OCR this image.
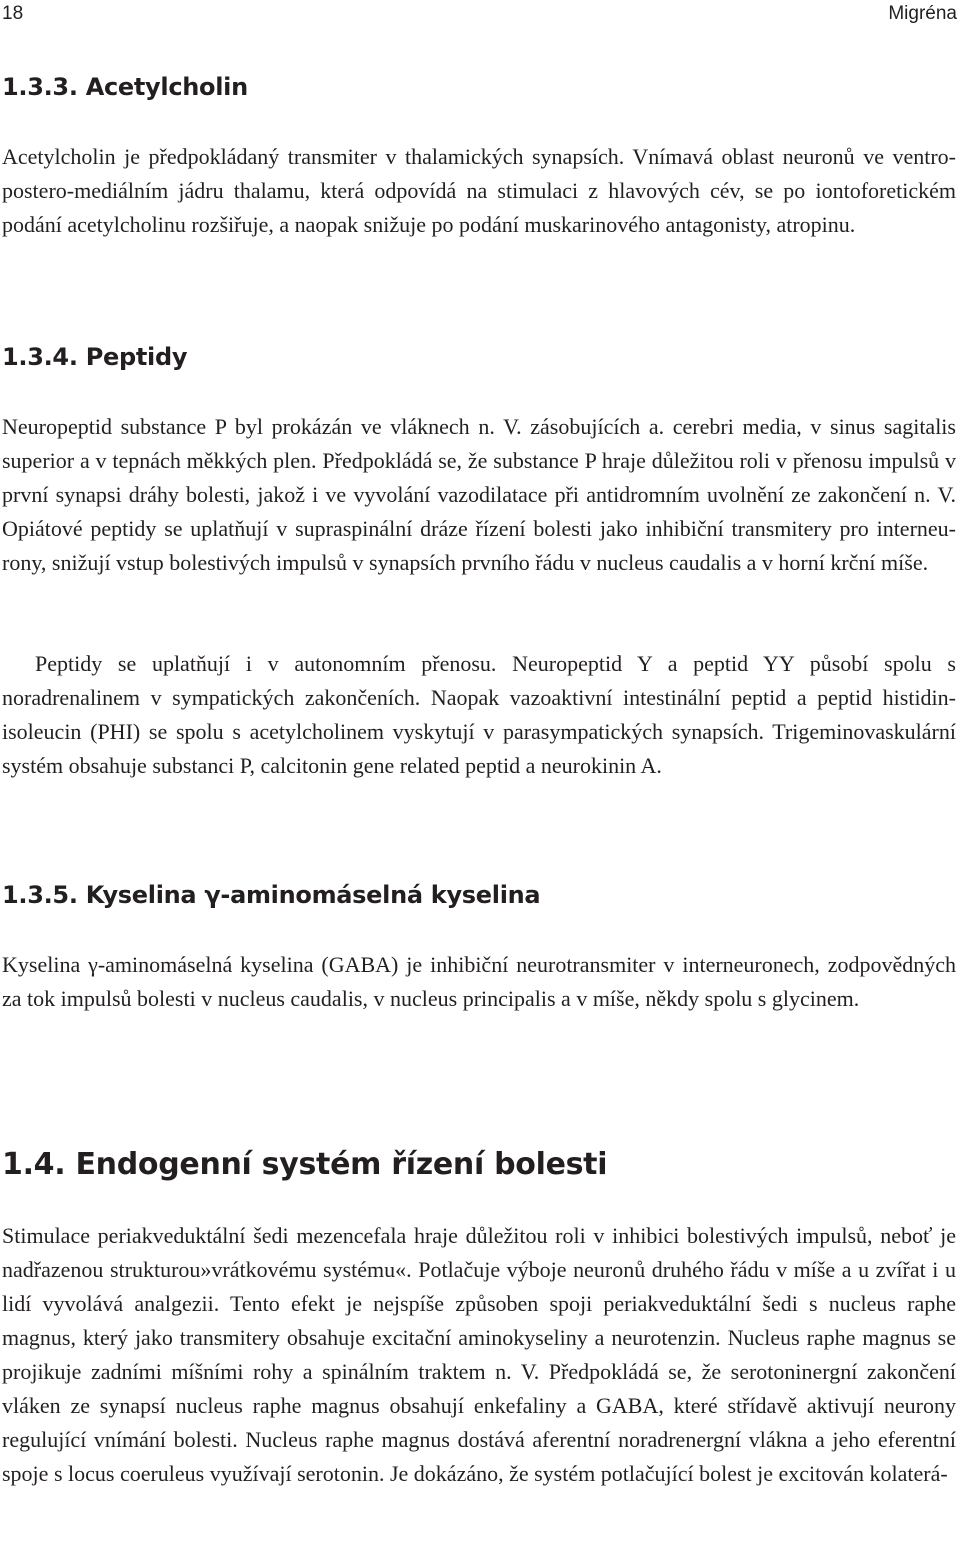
18	Migréna
1.3.3. Acetylcholin

Acetylcholin je předpokládaný transmiter v thalamických synapsích. Vnímavá oblast neuronů ve ventro-postero-mediálním jádru thalamu, která odpovídá na stimulaci z hlavových cév, se po iontoforetickém podání acetylcholinu rozšiřuje, a naopak snižuje po podání muskarinového antagonisty, atropinu.

1.3.4. Peptidy

Neuropeptid substance P byl prokázán ve vláknech n. V. zásobujících a. cerebri media, v sinus sagitalis superior a v tepnách měkkých plen. Předpokládá se, že substance P hraje důležitou roli v přenosu impulsů v první synapsi dráhy bolesti, jakož i ve vyvolání vazodilatace při antidromním uvolnění ze zakončení n. V. Opiátové peptidy se uplatňují v supraspinální dráze řízení bolesti jako inhibiční transmitery pro interneurony, snižují vstup bolestivých impulsů v synapsích prvního řádu v nucleus caudalis a v horní krční míše.

Peptidy se uplatňují i v autonomním přenosu. Neuropeptid Y a peptid YY působí spolu s noradrenalinem v sympatických zakončeních. Naopak vazoaktivní intestinální peptid a peptid histidin-isoleucin (PHI) se spolu s acetylcholinem vyskytují v parasympatických synapsích. Trigeminovaskulární systém obsahuje substanci P, calcitonin gene related peptid a neurokinin A.

1.3.5. Kyselina γ-aminomáselná kyselina

Kyselina γ-aminomáselná kyselina (GABA) je inhibiční neurotransmiter v interneuronech, zodpovědných za tok impulsů bolesti v nucleus caudalis, v nucleus principalis a v míše, někdy spolu s glycinem.

1.4. Endogenní systém řízení bolesti

Stimulace periakveduktální šedi mezencefala hraje důležitou roli v inhibici bolestivých impulsů, neboť je nadřazenou strukturou»vrátkovému systému«. Potlačuje výboje neuronů druhého řádu v míše a u zvířat i u lidí vyvolává analgezii. Tento efekt je nejspíše způsoben spoji periakveduktální šedi s nucleus raphe magnus, který jako transmitery obsahuje excitační aminokyseliny a neurotenzin. Nucleus raphe magnus se projikuje zadními míšními rohy a spinálním traktem n. V. Předpokládá se, že serotoninergní zakončení vláken ze synapsí nucleus raphe magnus obsahují enkefaliny a GABA, které střídavě aktivují neurony regulující vnímání bolesti. Nucleus raphe magnus dostává aferentní noradrenergní vlákna a jeho eferentní spoje s locus coeruleus využívají serotonin. Je dokázáno, že systém potlačující bolest je excitován kolaterá-
